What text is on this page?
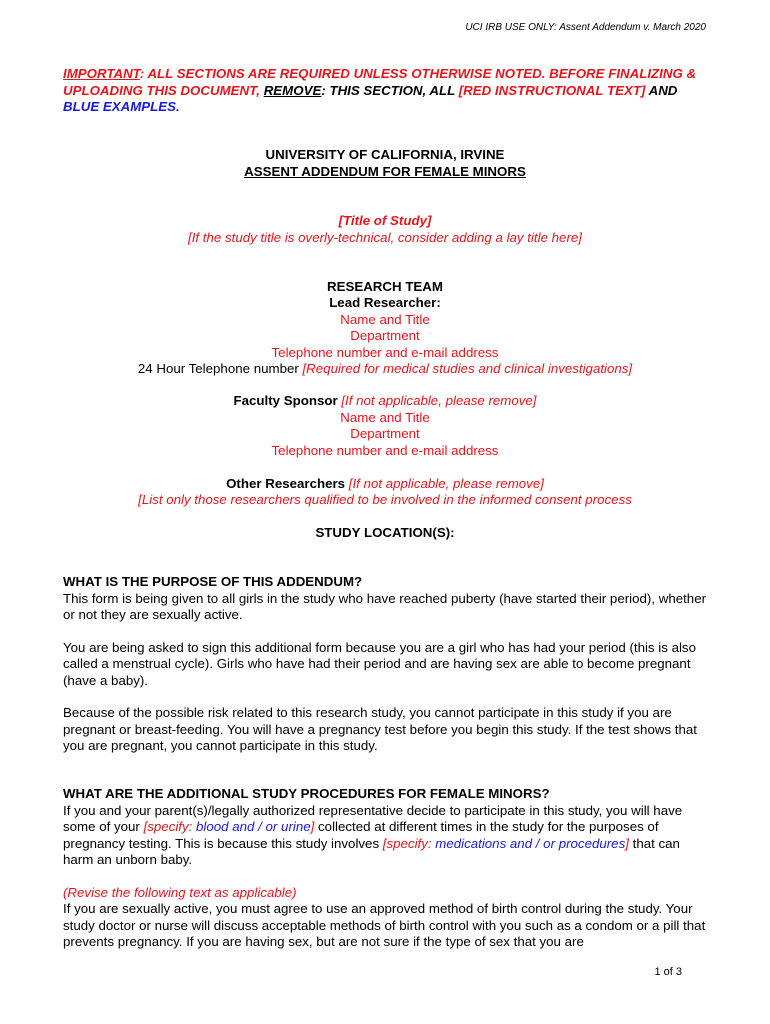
UCI IRB USE ONLY: Assent Addendum v. March 2020
IMPORTANT: ALL SECTIONS ARE REQUIRED UNLESS OTHERWISE NOTED. BEFORE FINALIZING & UPLOADING THIS DOCUMENT, REMOVE: THIS SECTION, ALL [RED INSTRUCTIONAL TEXT] AND BLUE EXAMPLES.
UNIVERSITY OF CALIFORNIA, IRVINE
ASSENT ADDENDUM FOR FEMALE MINORS
[Title of Study]
[If the study title is overly-technical, consider adding a lay title here]
RESEARCH TEAM
Lead Researcher:
Name and Title
Department
Telephone number and e-mail address
24 Hour Telephone number [Required for medical studies and clinical investigations]
Faculty Sponsor [If not applicable, please remove]
Name and Title
Department
Telephone number and e-mail address
Other Researchers [If not applicable, please remove]
[List only those researchers qualified to be involved in the informed consent process
STUDY LOCATION(S):

WHAT IS THE PURPOSE OF THIS ADDENDUM?

This form is being given to all girls in the study who have reached puberty (have started their period), whether or not they are sexually active.

You are being asked to sign this additional form because you are a girl who has had your period (this is also called a menstrual cycle). Girls who have had their period and are having sex are able to become pregnant (have a baby).

Because of the possible risk related to this research study, you cannot participate in this study if you are pregnant or breast-feeding. You will have a pregnancy test before you begin this study. If the test shows that you are pregnant, you cannot participate in this study.

WHAT ARE THE ADDITIONAL STUDY PROCEDURES FOR FEMALE MINORS?

If you and your parent(s)/legally authorized representative decide to participate in this study, you will have some of your [specify: blood and / or urine] collected at different times in the study for the purposes of pregnancy testing. This is because this study involves [specify: medications and / or procedures] that can harm an unborn baby.

(Revise the following text as applicable)

If you are sexually active, you must agree to use an approved method of birth control during the study. Your study doctor or nurse will discuss acceptable methods of birth control with you such as a condom or a pill that prevents pregnancy. If you are having sex, but are not sure if the type of sex that you are

1 of 3
